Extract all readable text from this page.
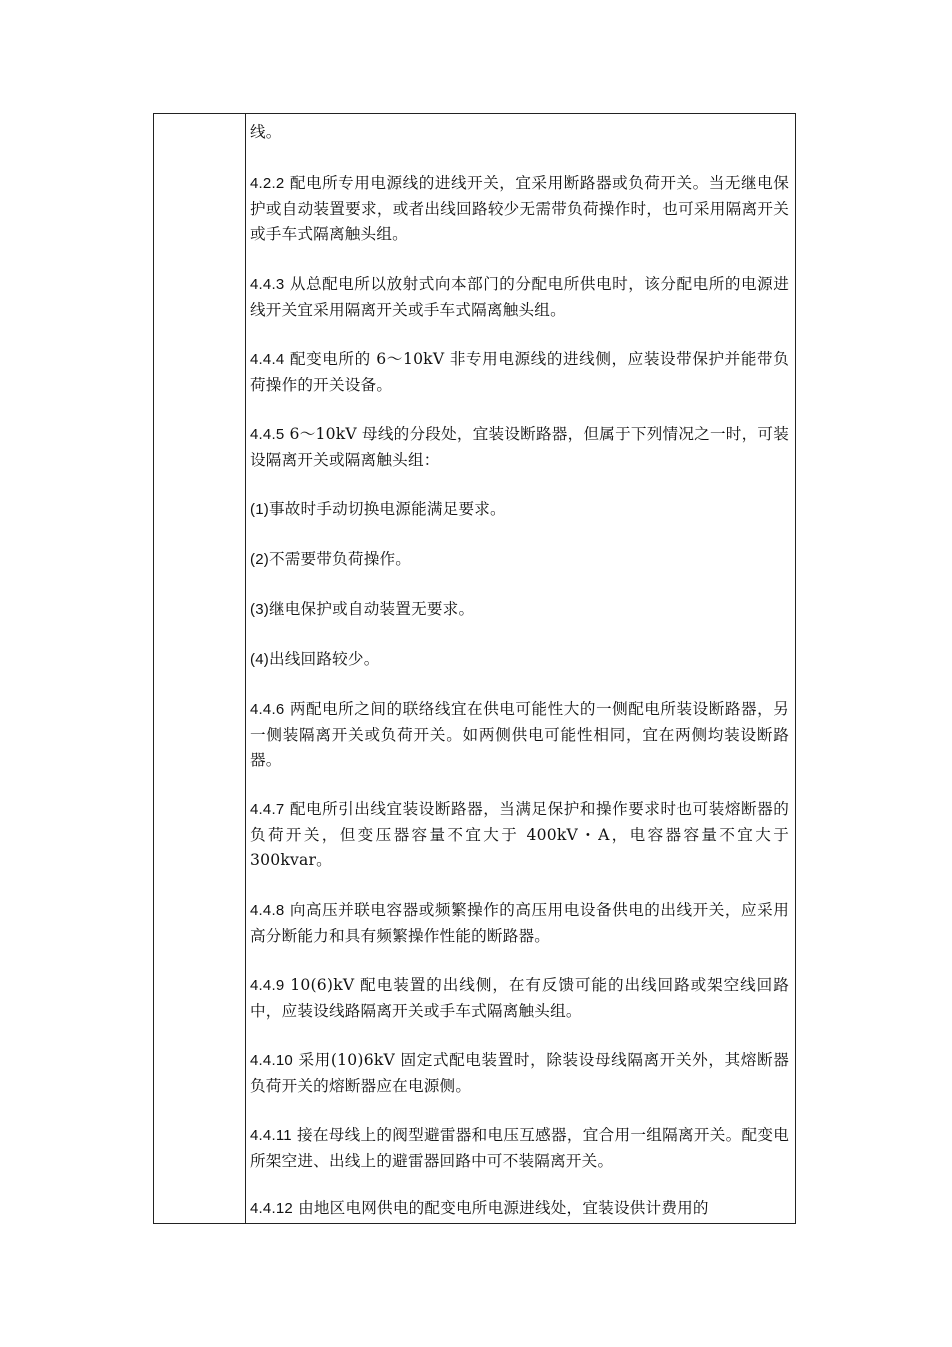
线。
4.2.2 配电所专用电源线的进线开关，宜采用断路器或负荷开关。当无继电保护或自动装置要求，或者出线回路较少无需带负荷操作时，也可采用隔离开关或手车式隔离触头组。
4.4.3 从总配电所以放射式向本部门的分配电所供电时，该分配电所的电源进线开关宜采用隔离开关或手车式隔离触头组。
4.4.4 配变电所的 6～10kV 非专用电源线的进线侧，应装设带保护并能带负荷操作的开关设备。
4.4.5 6～10kV 母线的分段处，宜装设断路器，但属于下列情况之一时，可装设隔离开关或隔离触头组：
(1)事故时手动切换电源能满足要求。
(2)不需要带负荷操作。
(3)继电保护或自动装置无要求。
(4)出线回路较少。
4.4.6 两配电所之间的联络线宜在供电可能性大的一侧配电所装设断路器，另一侧装隔离开关或负荷开关。如两侧供电可能性相同，宜在两侧均装设断路器。
4.4.7 配电所引出线宜装设断路器，当满足保护和操作要求时也可装熔断器的负荷开关，但变压器容量不宜大于 400kV・A，电容器容量不宜大于 300kvar。
4.4.8 向高压并联电容器或频繁操作的高压用电设备供电的出线开关，应采用高分断能力和具有频繁操作性能的断路器。
4.4.9 10(6)kV 配电装置的出线侧，在有反馈可能的出线回路或架空线回路中，应装设线路隔离开关或手车式隔离触头组。
4.4.10 采用(10)6kV 固定式配电装置时，除装设母线隔离开关外，其熔断器负荷开关的熔断器应在电源侧。
4.4.11 接在母线上的阀型避雷器和电压互感器，宜合用一组隔离开关。配变电所架空进、出线上的避雷器回路中可不装隔离开关。
4.4.12 由地区电网供电的配变电所电源进线处，宜装设供计费用的
